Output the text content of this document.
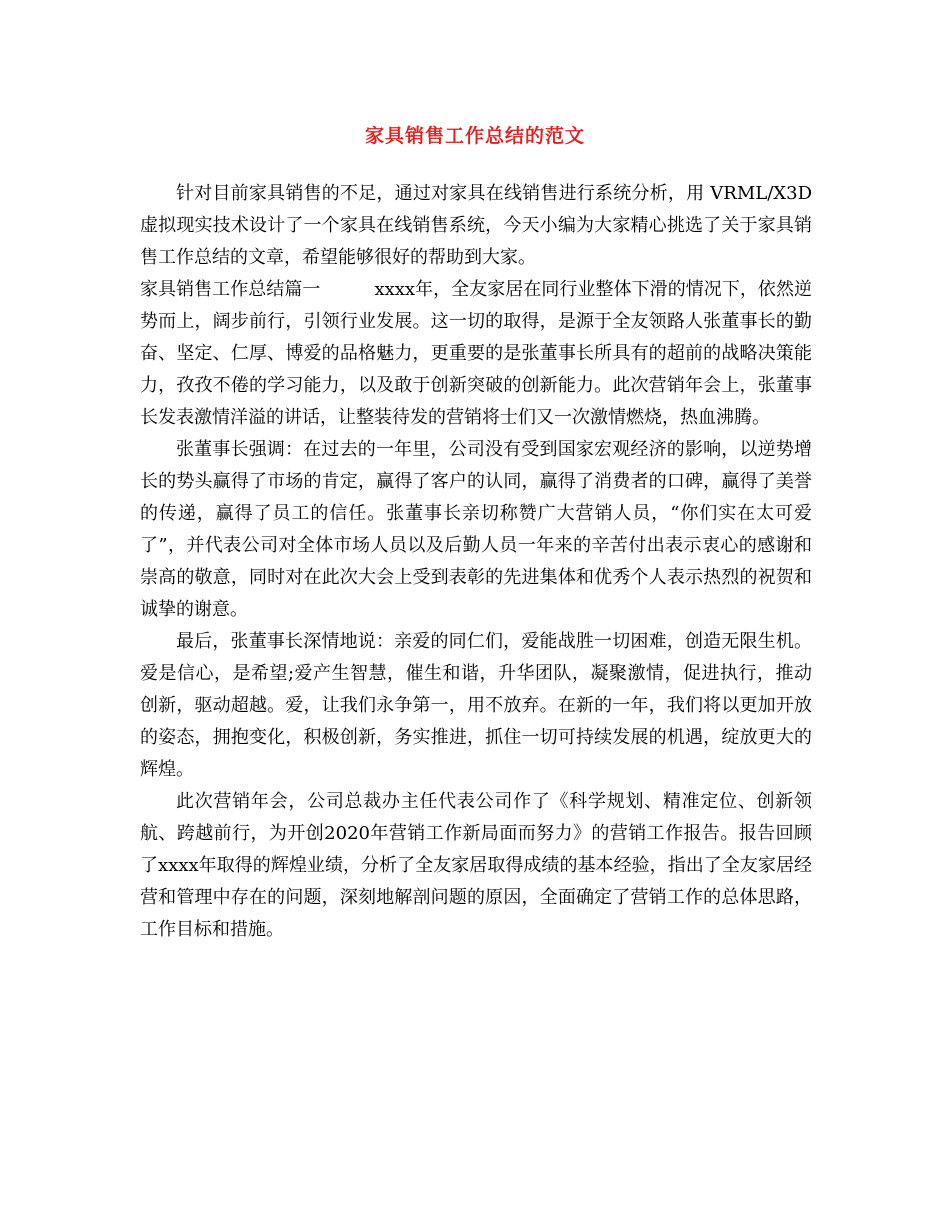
家具销售工作总结的范文

针对目前家具销售的不足，通过对家具在线销售进行系统分析，用 VRML/X3D 虚拟现实技术设计了一个家具在线销售系统，今天小编为大家精心挑选了关于家具销售工作总结的文章，希望能够很好的帮助到大家。

家具销售工作总结篇一	xxxx年，全友家居在同行业整体下滑的情况下，依然逆势而上，阔步前行，引领行业发展。这一切的取得，是源于全友领路人张董事长的勤奋、坚定、仁厚、博爱的品格魅力，更重要的是张董事长所具有的超前的战略决策能力，孜孜不倦的学习能力，以及敢于创新突破的创新能力。此次营销年会上，张董事长发表激情洋溢的讲话，让整装待发的营销将士们又一次激情燃烧，热血沸腾。

张董事长强调：在过去的一年里，公司没有受到国家宏观经济的影响，以逆势增长的势头赢得了市场的肯定，赢得了客户的认同，赢得了消费者的口碑，赢得了美誉的传递，赢得了员工的信任。张董事长亲切称赞广大营销人员，“你们实在太可爱了”，并代表公司对全体市场人员以及后勤人员一年来的辛苦付出表示衷心的感谢和崇高的敬意，同时对在此次大会上受到表彰的先进集体和优秀个人表示热烈的祝贺和诚挚的谢意。

最后，张董事长深情地说：亲爱的同仁们，爱能战胜一切困难，创造无限生机。爱是信心，是希望;爱产生智慧，催生和谐，升华团队，凝聚激情，促进执行，推动创新，驱动超越。爱，让我们永争第一，用不放弃。在新的一年，我们将以更加开放的姿态，拥抱变化，积极创新，务实推进，抓住一切可持续发展的机遇，绽放更大的辉煌。

此次营销年会，公司总裁办主任代表公司作了《科学规划、精准定位、创新领航、跨越前行，为开创2020年营销工作新局面而努力》的营销工作报告。报告回顾了xxxx年取得的辉煌业绩，分析了全友家居取得成绩的基本经验，指出了全友家居经营和管理中存在的问题，深刻地解剖问题的原因，全面确定了营销工作的总体思路，工作目标和措施。
